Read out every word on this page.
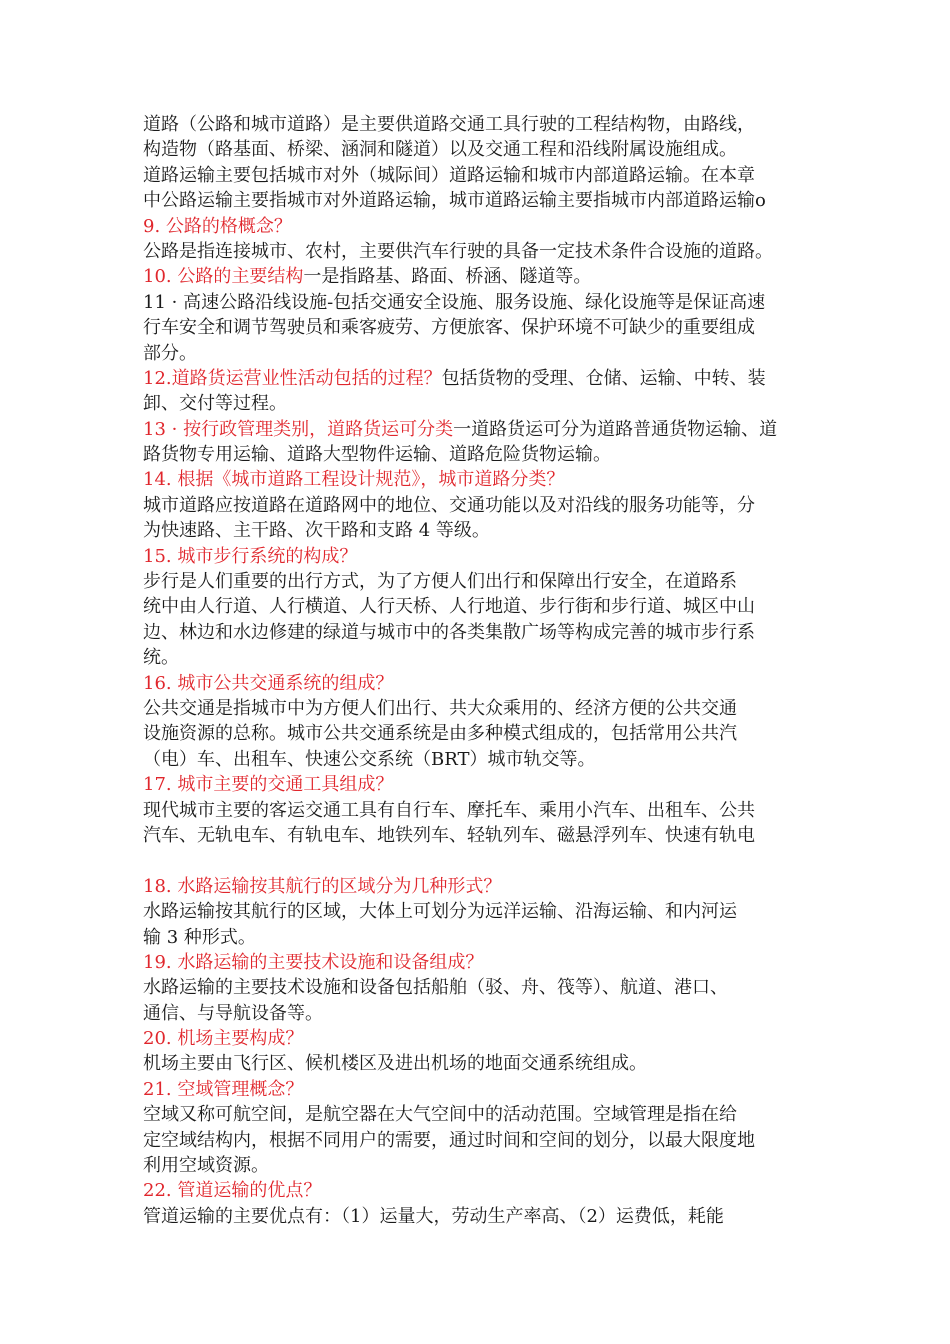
道路（公路和城市道路）是主要供道路交通工具行驶的工程结构物，由路线，
构造物（路基面、桥梁、涵洞和隧道）以及交通工程和沿线附属设施组成。
道路运输主要包括城市对外（城际间）道路运输和城市内部道路运输。在本章
中公路运输主要指城市对外道路运输，城市道路运输主要指城市内部道路运输o
9. 公路的格概念？
公路是指连接城市、农村，主要供汽车行驶的具备一定技术条件合设施的道路。
10. 公路的主要结构一是指路基、路面、桥涵、隧道等。
11 · 高速公路沿线设施-包括交通安全设施、服务设施、绿化设施等是保证高速
行车安全和调节驾驶员和乘客疲劳、方便旅客、保护环境不可缺少的重要组成
部分。
12.道路货运营业性活动包括的过程？包括货物的受理、仓储、运输、中转、装
卸、交付等过程。
13 · 按行政管理类别，道路货运可分类一道路货运可分为道路普通货物运输、道
路货物专用运输、道路大型物件运输、道路危险货物运输。
14. 根据《城市道路工程设计规范》，城市道路分类？
城市道路应按道路在道路网中的地位、交通功能以及对沿线的服务功能等，分
为快速路、主干路、次干路和支路 4 等级。
15. 城市步行系统的构成？
步行是人们重要的出行方式，为了方便人们出行和保障出行安全，在道路系
统中由人行道、人行横道、人行天桥、人行地道、步行街和步行道、城区中山
边、林边和水边修建的绿道与城市中的各类集散广场等构成完善的城市步行系
统。
16. 城市公共交通系统的组成？
公共交通是指城市中为方便人们出行、共大众乘用的、经济方便的公共交通
设施资源的总称。城市公共交通系统是由多种模式组成的，包括常用公共汽
（电）车、出租车、快速公交系统（BRT）城市轨交等。
17. 城市主要的交通工具组成？
现代城市主要的客运交通工具有自行车、摩托车、乘用小汽车、出租车、公共
汽车、无轨电车、有轨电车、地铁列车、轻轨列车、磁悬浮列车、快速有轨电
18. 水路运输按其航行的区域分为几种形式？
水路运输按其航行的区域，大体上可划分为远洋运输、沿海运输、和内河运
输 3 种形式。
19. 水路运输的主要技术设施和设备组成？
水路运输的主要技术设施和设备包括船舶（驳、舟、筏等）、航道、港口、
通信、与导航设备等。
20. 机场主要构成？
机场主要由飞行区、候机楼区及进出机场的地面交通系统组成。
21. 空域管理概念？
空域又称可航空间，是航空器在大气空间中的活动范围。空域管理是指在给
定空域结构内，根据不同用户的需要，通过时间和空间的划分，以最大限度地
利用空域资源。
22. 管道运输的优点？
管道运输的主要优点有：（1）运量大，劳动生产率高、（2）运费低，耗能
